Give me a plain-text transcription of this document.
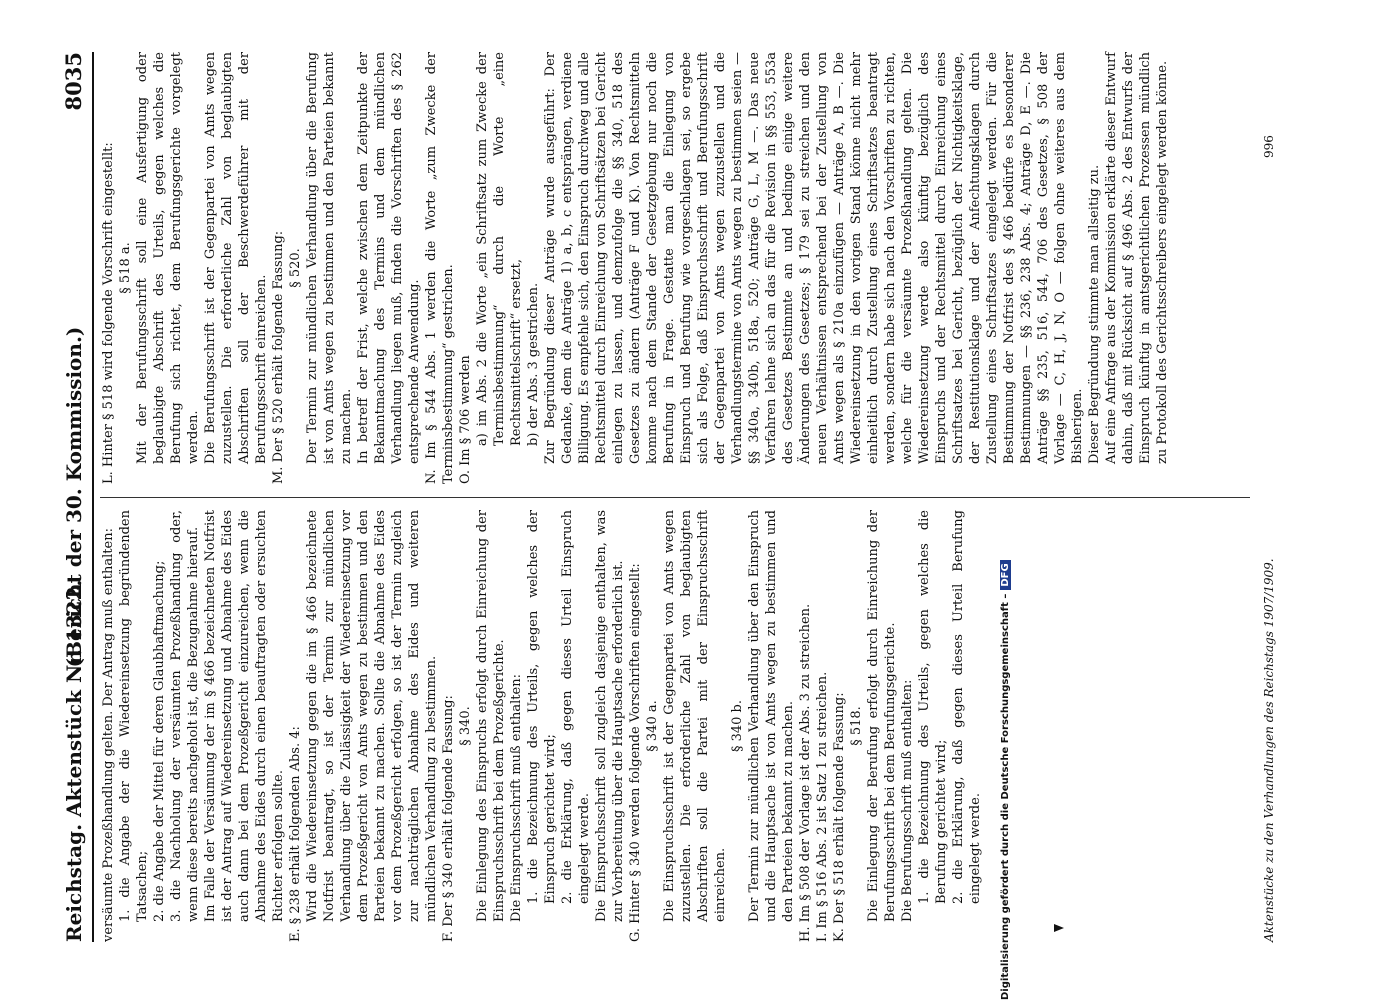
Reichstag. Aktenstück Nr. 1322.
(Bericht der 30. Kommission.)
8035

versäumte Prozeßhandlung gelten. Der Antrag muß enthalten: 1. die Angabe der die Wiedereinsetzung begründenden Tatsachen; 2. die Angabe der Mittel für deren Glaubhaftmachung; 3. die Nachholung der versäumten Prozeßhandlung oder, wenn diese bereits nachgeholt ist, die Bezugnahme hierauf. Im Falle der Versäumung der im § 466 bezeichneten Notfrist ist der Antrag auf Wiedereinsetzung und Abnahme des Eides auch dann bei dem Prozeßgericht einzureichen, wenn die Abnahme des Eides durch einen beauftragten oder ersuchten Richter erfolgen sollte. E. § 238 erhält folgenden Abs. 4: Wird die Wiedereinsetzung gegen die im § 466 bezeichnete Notfrist beantragt, so ist der Termin zur mündlichen Verhandlung über die Zulässigkeit der Wiedereinsetzung vor dem Prozeßgericht von Amts wegen zu bestimmen und den Parteien bekannt zu machen. Sollte die Abnahme des Eides vor dem Prozeßgericht erfolgen, so ist der Termin zugleich zur nachträglichen Abnahme des Eides und weiteren mündlichen Verhandlung zu bestimmen. F. Der § 340 erhält folgende Fassung: § 340. Die Einlegung des Einspruchs erfolgt durch Einreichung der Einspruchsschrift bei dem Prozeßgerichte. Die Einspruchsschrift muß enthalten: 1. die Bezeichnung des Urteils, gegen welches der Einspruch gerichtet wird; 2. die Erklärung, daß gegen dieses Urteil Einspruch eingelegt werde. Die Einspruchsschrift soll zugleich dasjenige enthalten, was zur Vorbereitung über die Hauptsache erforderlich ist. G. Hinter § 340 werden folgende Vorschriften eingestellt: § 340 a. Die Einspruchsschrift ist der Gegenpartei von Amts wegen zuzustellen. Die erforderliche Zahl von beglaubigten Abschriften soll die Partei mit der Einspruchsschrift einreichen.

§ 340 b. Der Termin zur mündlichen Verhandlung über den Einspruch und die Hauptsache ist von Amts wegen zu bestimmen und den Parteien bekannt zu machen. H. Im § 508 der Vorlage ist der Abs. 3 zu streichen. I. Im § 516 Abs. 2 ist Satz 1 zu streichen. K. Der § 518 erhält folgende Fassung: § 518. Die Einlegung der Berufung erfolgt durch Einreichung der Berufungsschrift bei dem Berufungsgerichte. Die Berufungsschrift muß enthalten: 1. die Bezeichnung des Urteils, gegen welches die Berufung gerichtet wird; 2. die Erklärung, daß gegen dieses Urteil Berufung eingelegt werde.

L. Hinter § 518 wird folgende Vorschrift eingestellt: § 518 a. Mit der Berufungsschrift soll eine Ausfertigung oder beglaubigte Abschrift des Urteils, gegen welches die Berufung sich richtet, dem Berufungsgerichte vorgelegt werden. Die Berufungsschrift ist der Gegenpartei von Amts wegen zuzustellen. Die erforderliche Zahl von beglaubigten Abschriften soll der Beschwerdeführer mit der Berufungsschrift einreichen. M. Der § 520 erhält folgende Fassung: § 520. Der Termin zur mündlichen Verhandlung über die Berufung ist von Amts wegen zu bestimmen und den Parteien bekannt zu machen. In betreff der Frist, welche zwischen dem Zeitpunkte der Bekanntmachung des Termins und dem mündlichen Verhandlung liegen muß, finden die Vorschriften des § 262 entsprechende Anwendung. N. Im § 544 Abs. 1 werden die Worte „zum Zwecke der Terminsbestimmung“ gestrichen. O. Im § 706 werden a) im Abs. 2 die Worte „ein Schriftsatz zum Zwecke der Terminsbestimmung“ durch die Worte „eine Rechtsmittelschrift“ ersetzt, b) der Abs. 3 gestrichen. Zur Begründung dieser Anträge wurde ausgeführt: Der Gedanke, dem die Anträge 1) a, b, c entsprängen, verdiene Billigung. Es empfehle sich, den Einspruch durchweg und alle Rechtsmittel durch Einreichung von Schriftsätzen bei Gericht einlegen zu lassen, und demzufolge die §§ 340, 518 des Gesetzes zu ändern (Anträge F und K). Von Rechtsmitteln komme nach dem Stande der Gesetzgebung nur noch die Berufung in Frage. Gestatte man die Einlegung von Einspruch und Berufung wie vorgeschlagen sei, so ergebe sich als Folge, daß Einspruchsschrift und Berufungsschrift der Gegenpartei von Amts wegen zuzustellen und die Verhandlungstermine von Amts wegen zu bestimmen seien — §§ 340a, 340b, 518a, 520; Anträge G, L, M —. Das neue Verfahren lehne sich an das für die Revision in §§ 553, 553a des Gesetzes Bestimmte an und bedinge einige weitere Änderungen des Gesetzes; § 179 sei zu streichen und den neuen Verhältnissen entsprechend bei der Zustellung von Amts wegen als § 210a einzufügen — Anträge A, B —. Die Wiedereinsetzung in den vorigen Stand könne nicht mehr einheitlich durch Zustellung eines Schriftsatzes beantragt werden, sondern habe sich nach den Vorschriften zu richten, welche für die versäumte Prozeßhandlung gelten. Die Wiedereinsetzung werde also künftig bezüglich des Einspruchs und der Rechtsmittel durch Einreichung eines Schriftsatzes bei Gericht, bezüglich der Nichtigkeitsklage, der Restitutionsklage und der Anfechtungsklagen durch Zustellung eines Schriftsatzes eingelegt werden. Für die Bestimmung der Notfrist des § 466 bedürfe es besonderer Bestimmungen — §§ 236, 238 Abs. 4; Anträge D, E —. Die Anträge §§ 235, 516, 544, 706 des Gesetzes, § 508 der Vorlage — C, H, J, N, O — folgen ohne weiteres aus dem Bisherigen. Dieser Begründung stimmte man allseitig zu. Auf eine Anfrage aus der Kommission erklärte dieser Entwurf dahin, daß mit Rücksicht auf § 496 Abs. 2 des Entwurfs der Einspruch künftig in amtsgerichtlichen Prozessen mündlich zu Protokoll des Gerichtsschreibers eingelegt werden könne.

Aktenstücke zu den Verhandlungen des Reichstags 1907/1909.
996
Digitalisierung gefördert durch die Deutsche Forschungsgemeinschaft –DFG
